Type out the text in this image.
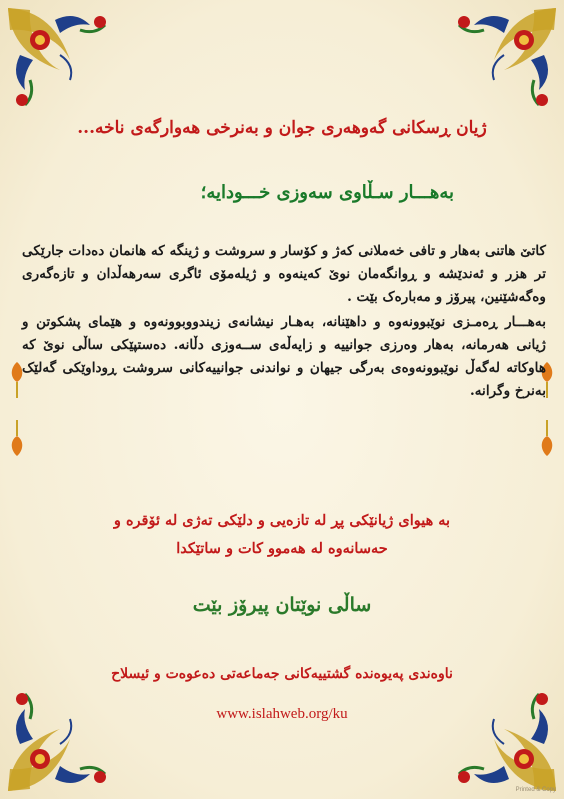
ژیان ڕسکانی گەوهەری جوان و بەنرخی هەوارگەی ناخە...
بەهـــار سـڵاوی سەوزی خـــودایە؛
کاتێ هاتنی بەهار و تافی خەملانی کەژ و کۆسار و سروشت و ژینگە کە هانمان دەدات جارێکی تر هزر و ئەندێشە و ڕوانگەمان نوێ کەینەوە و ژیلەمۆی ئاگری سەرهەڵدان و تازەگەری وەگەشێنین، پیرۆز و مەبارەک بێت .
بەهـــار ڕەمـزی نوێبوونەوە و داهێنانە، بەهـار نیشانەی زیندووبوونەوە و هێمای پشکوتن و ژیانی هەرمانە، بەهار وەرزی جوانییە و زایەڵەی ســەوزی دڵانە. دەستپێکی ساڵی نوێ کە هاوکاتە لەگەڵ نوێبوونەوەی بەرگی جیهان و نواندنی جوانییەکانی سروشت ڕوداوێکی گەلێک بەنرخ وگرانە.
بە هیوای ژیانێکی پڕ لە تازەیی و دلێکی تەژی لە ئۆقرە و
حەسانەوە لە هەموو کات و ساتێکدا
ساڵی نوێتان پیرۆز بێت
ناوەندی پەیوەندە گشتییەکانی جەماعەتی دەعوەت و ئیسلاح
www.islahweb.org/ku
Printed & Copy
